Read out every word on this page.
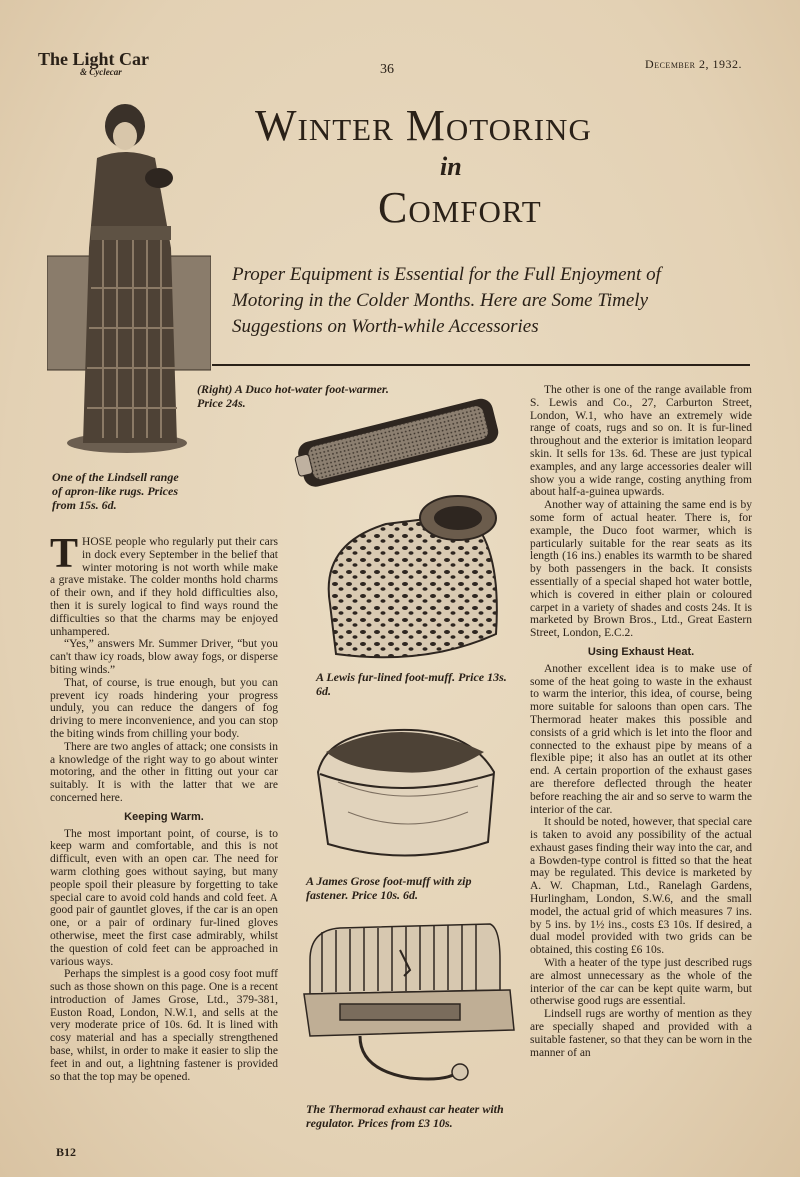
The Light Car
& Cyclecar	36	December 2, 1932.
Winter Motoring
in
Comfort
Proper Equipment is Essential for the Full Enjoyment of Motoring in the Colder Months. Here are Some Timely Suggestions on Worth-while Accessories
One of the Lindsell range of apron-like rugs. Prices from 15s. 6d.

THOSE people who regularly put their cars in dock every September in the belief that winter motoring is not worth while make a grave mistake. The colder months hold charms of their own, and if they hold difficulties also, then it is surely logical to find ways round the difficulties so that the charms may be enjoyed unhampered.

“Yes,” answers Mr. Summer Driver, “but you can't thaw icy roads, blow away fogs, or disperse biting winds.”

That, of course, is true enough, but you can prevent icy roads hindering your progress unduly, you can reduce the dangers of fog driving to mere inconvenience, and you can stop the biting winds from chilling your body.

There are two angles of attack; one consists in a knowledge of the right way to go about winter motoring, and the other in fitting out your car suitably. It is with the latter that we are concerned here.

Keeping Warm.

The most important point, of course, is to keep warm and comfortable, and this is not difficult, even with an open car. The need for warm clothing goes without saying, but many people spoil their pleasure by forgetting to take special care to avoid cold hands and cold feet. A good pair of gauntlet gloves, if the car is an open one, or a pair of ordinary fur-lined gloves otherwise, meet the first case admirably, whilst the question of cold feet can be approached in various ways.

Perhaps the simplest is a good cosy foot muff such as those shown on this page. One is a recent introduction of James Grose, Ltd., 379-381, Euston Road, London, N.W.1, and sells at the very moderate price of 10s. 6d. It is lined with cosy material and has a specially strengthened base, whilst, in order to make it easier to slip the feet in and out, a lightning fastener is provided so that the top may be opened.

(Right) A Duco hot-water foot-warmer. Price 24s.
A Lewis fur-lined foot-muff. Price 13s. 6d.
A James Grose foot-muff with zip fastener. Price 10s. 6d.
The Thermorad exhaust car heater with regulator. Prices from £3 10s.

The other is one of the range available from S. Lewis and Co., 27, Carburton Street, London, W.1, who have an extremely wide range of coats, rugs and so on. It is fur-lined throughout and the exterior is imitation leopard skin. It sells for 13s. 6d. These are just typical examples, and any large accessories dealer will show you a wide range, costing anything from about half-a-guinea upwards.

Another way of attaining the same end is by some form of actual heater. There is, for example, the Duco foot warmer, which is particularly suitable for the rear seats as its length (16 ins.) enables its warmth to be shared by both passengers in the back. It consists essentially of a special shaped hot water bottle, which is covered in either plain or coloured carpet in a variety of shades and costs 24s. It is marketed by Brown Bros., Ltd., Great Eastern Street, London, E.C.2.

Using Exhaust Heat.

Another excellent idea is to make use of some of the heat going to waste in the exhaust to warm the interior, this idea, of course, being more suitable for saloons than open cars. The Thermorad heater makes this possible and consists of a grid which is let into the floor and connected to the exhaust pipe by means of a flexible pipe; it also has an outlet at its other end. A certain proportion of the exhaust gases are therefore deflected through the heater before reaching the air and so serve to warm the interior of the car.

It should be noted, however, that special care is taken to avoid any possibility of the actual exhaust gases finding their way into the car, and a Bowden-type control is fitted so that the heat may be regulated. This device is marketed by A. W. Chapman, Ltd., Ranelagh Gardens, Hurlingham, London, S.W.6, and the small model, the actual grid of which measures 7 ins. by 5 ins. by 1½ ins., costs £3 10s. If desired, a dual model provided with two grids can be obtained, this costing £6 10s.

With a heater of the type just described rugs are almost unnecessary as the whole of the interior of the car can be kept quite warm, but otherwise good rugs are essential.

Lindsell rugs are worthy of mention as they are specially shaped and provided with a suitable fastener, so that they can be worn in the manner of an

B12
